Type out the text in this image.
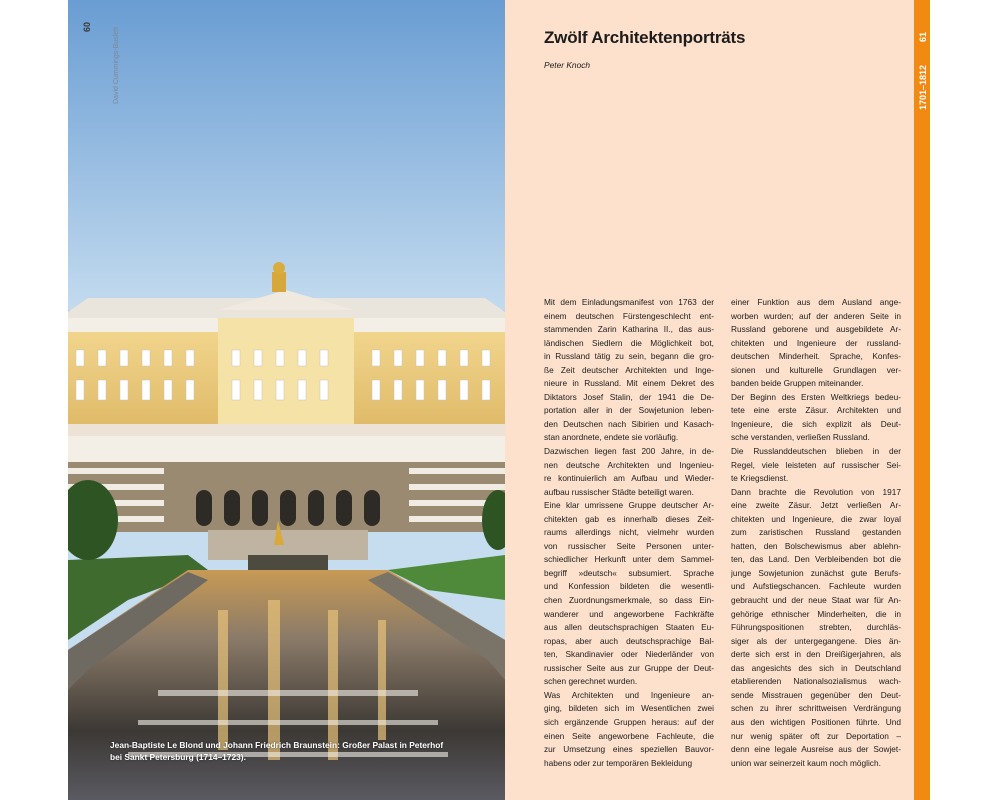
60	David Cummings-Buslett
Jean-Baptiste Le Blond und Johann Friedrich Braunstein: Großer Palast in Peterhof
bei Sankt Petersburg (1714–1723).
61
1701–1812
Zwölf Architektenporträts
Peter Knoch
Mit dem Einladungsmanifest von 1763 der
einem deutschen Fürstengeschlecht ent-
stammenden Zarin Katharina II., das aus-
ländischen Siedlern die Möglichkeit bot,
in Russland tätig zu sein, begann die gro-
ße Zeit deutscher Architekten und Inge-
nieure in Russland. Mit einem Dekret des
Diktators Josef Stalin, der 1941 die De-
portation aller in der Sowjetunion leben-
den Deutschen nach Sibirien und Kasach-
stan anordnete, endete sie vorläufig.
Dazwischen liegen fast 200 Jahre, in de-
nen deutsche Architekten und Ingenieu-
re kontinuierlich am Aufbau und Wieder-
aufbau russischer Städte beteiligt waren.
Eine klar umrissene Gruppe deutscher Ar-
chitekten gab es innerhalb dieses Zeit-
raums allerdings nicht, vielmehr wurden
von russischer Seite Personen unter-
schiedlicher Herkunft unter dem Sammel-
begriff »deutsch« subsumiert. Sprache
und Konfession bildeten die wesentli-
chen Zuordnungsmerkmale, so dass Ein-
wanderer und angeworbene Fachkräfte
aus allen deutschsprachigen Staaten Eu-
ropas, aber auch deutschsprachige Bal-
ten, Skandinavier oder Niederländer von
russischer Seite aus zur Gruppe der Deut-
schen gerechnet wurden.
Was Architekten und Ingenieure an-
ging, bildeten sich im Wesentlichen zwei
sich ergänzende Gruppen heraus: auf der
einen Seite angeworbene Fachleute, die
zur Umsetzung eines speziellen Bauvor-
habens oder zur temporären Bekleidung
einer Funktion aus dem Ausland ange-
worben wurden; auf der anderen Seite in
Russland geborene und ausgebildete Ar-
chitekten und Ingenieure der russland-
deutschen Minderheit. Sprache, Konfes-
sionen und kulturelle Grundlagen ver-
banden beide Gruppen miteinander.
Der Beginn des Ersten Weltkriegs bedeu-
tete eine erste Zäsur. Architekten und
Ingenieure, die sich explizit als Deut-
sche verstanden, verließen Russland.
Die Russlanddeutschen blieben in der
Regel, viele leisteten auf russischer Sei-
te Kriegsdienst.
Dann brachte die Revolution von 1917
eine zweite Zäsur. Jetzt verließen Ar-
chitekten und Ingenieure, die zwar loyal
zum zaristischen Russland gestanden
hatten, den Bolschewismus aber ablehn-
ten, das Land. Den Verbleibenden bot die
junge Sowjetunion zunächst gute Berufs-
und Aufstiegschancen. Fachleute wurden
gebraucht und der neue Staat war für An-
gehörige ethnischer Minderheiten, die in
Führungspositionen strebten, durchläs-
siger als der untergegangene. Dies än-
derte sich erst in den Dreißigerjahren, als
das angesichts des sich in Deutschland
etablierenden Nationalsozialismus wach-
sende Misstrauen gegenüber den Deut-
schen zu ihrer schrittweisen Verdrängung
aus den wichtigen Positionen führte. Und
nur wenig später oft zur Deportation –
denn eine legale Ausreise aus der Sowjet-
union war seinerzeit kaum noch möglich.
